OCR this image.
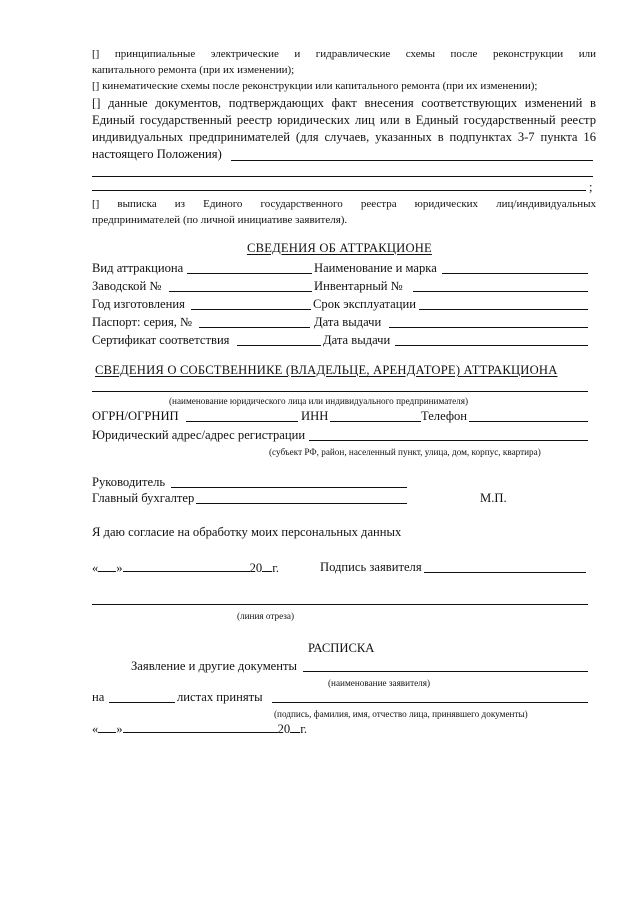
[] принципиальные электрические и гидравлические схемы после реконструкции или
капитального ремонта (при их изменении);
[] кинематические схемы после реконструкции или капитального ремонта (при их изменении);
[] данные документов, подтверждающих факт внесения соответствующих изменений в
Единый государственный реестр юридических лиц или в Единый государственный реестр
индивидуальных предпринимателей (для случаев, указанных в подпунктах 3-7 пункта 16
настоящего Положения)
;
[] выписка из Единого государственного реестра юридических лиц/индивидуальных
предпринимателей (по личной инициативе заявителя).
СВЕДЕНИЯ ОБ АТТРАКЦИОНЕ
Вид аттракциона	Наименование и марка
Заводской №	Инвентарный №
Год изготовления	Срок эксплуатации
Паспорт: серия, №	Дата выдачи
Сертификат соответствия	Дата выдачи
СВЕДЕНИЯ О СОБСТВЕННИКЕ (ВЛАДЕЛЬЦЕ, АРЕНДАТОРЕ) АТТРАКЦИОНА
(наименование юридического лица или индивидуального предпринимателя)
ОГРН/ОГРНИП	ИНН	Телефон
Юридический адрес/адрес регистрации
(субъект РФ, район, населенный пункт, улица, дом, корпус, квартира)
Руководитель
Главный бухгалтер	М.П.
Я даю согласие на обработку моих персональных данных
« »	20 г.	Подпись заявителя
(линия отреза)
РАСПИСКА
Заявление и другие документы
(наименование заявителя)
на	листах приняты
(подпись, фамилия, имя, отчество лица, принявшего документы)
« »	20 г.
